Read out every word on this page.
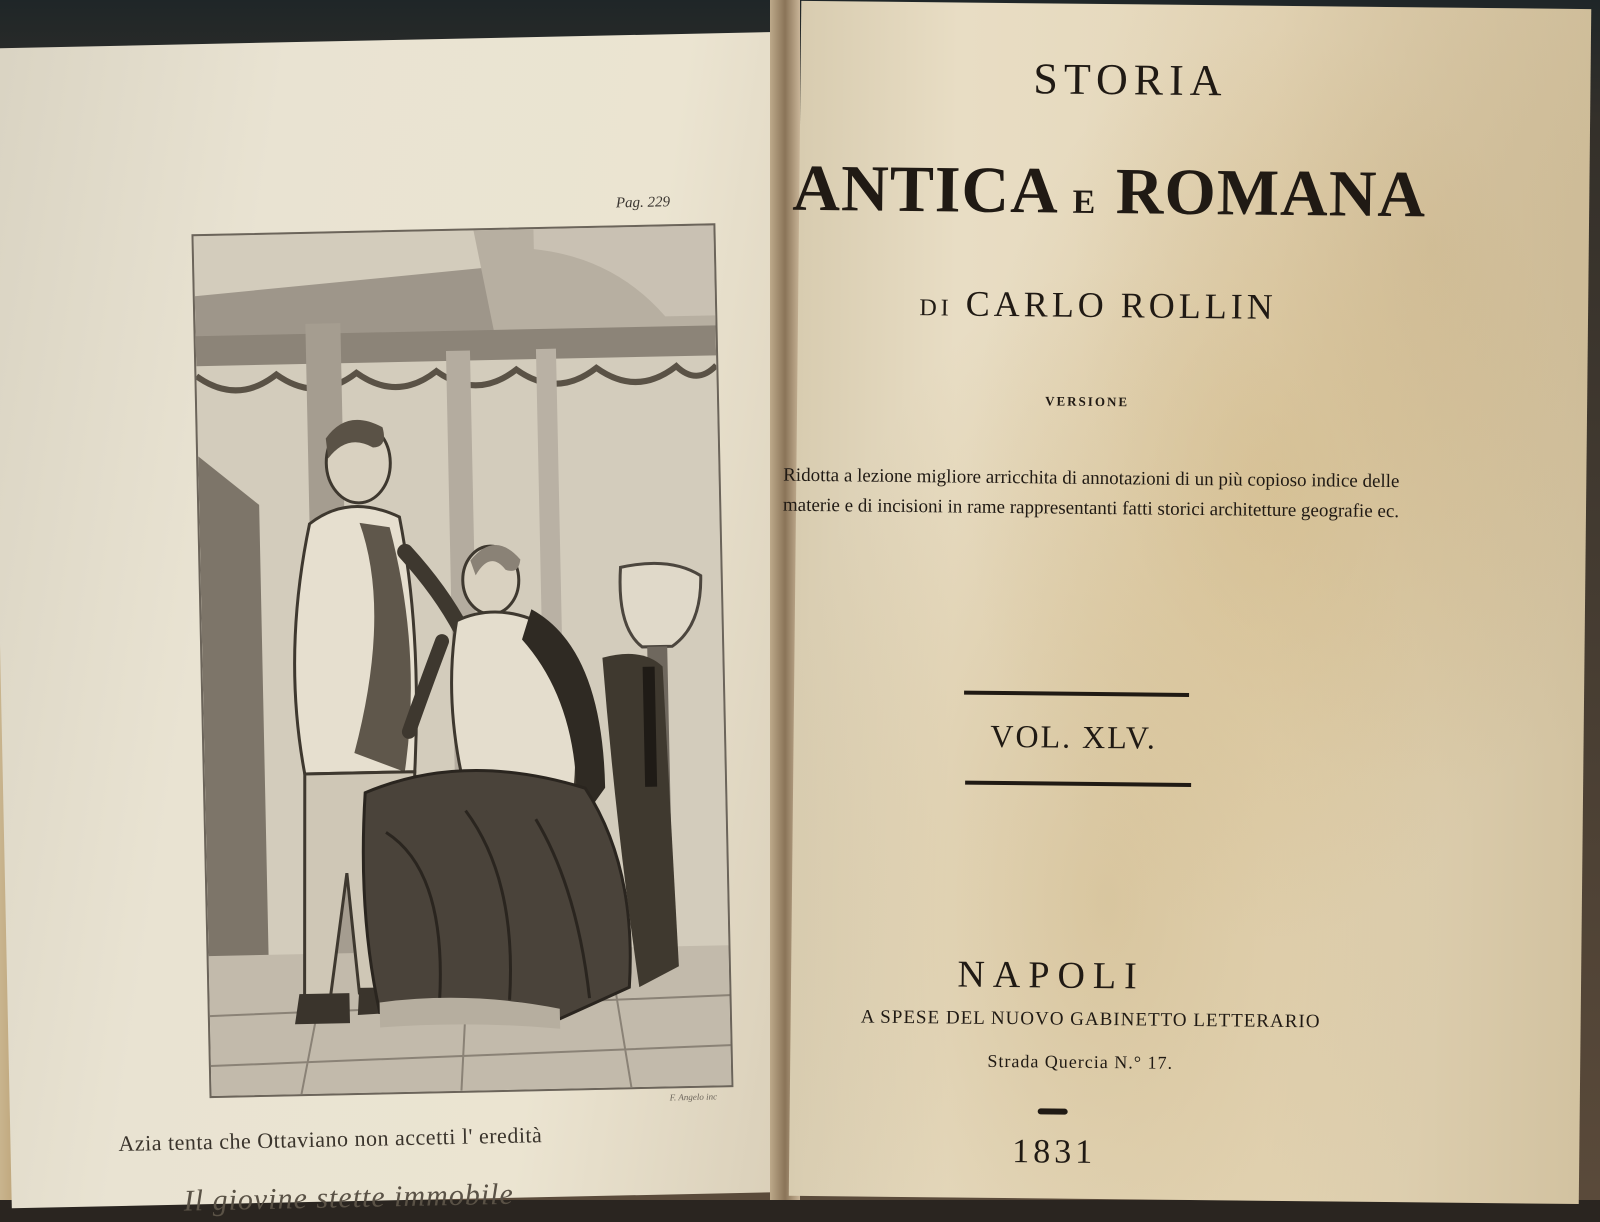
Pag. 229
F. Angelo inc
Azia tenta che Ottaviano non accetti l' eredità
Il giovine stette immobile
STORIA
ANTICA E ROMANA
DI CARLO ROLLIN
VERSIONE
Ridotta a lezione migliore arricchita di annotazioni di un più copioso indice delle materie e di incisioni in rame rappresentanti fatti storici architetture geografie ec.
VOL. XLV.
NAPOLI
A SPESE DEL NUOVO GABINETTO LETTERARIO
Strada Quercia N.° 17.
1831
